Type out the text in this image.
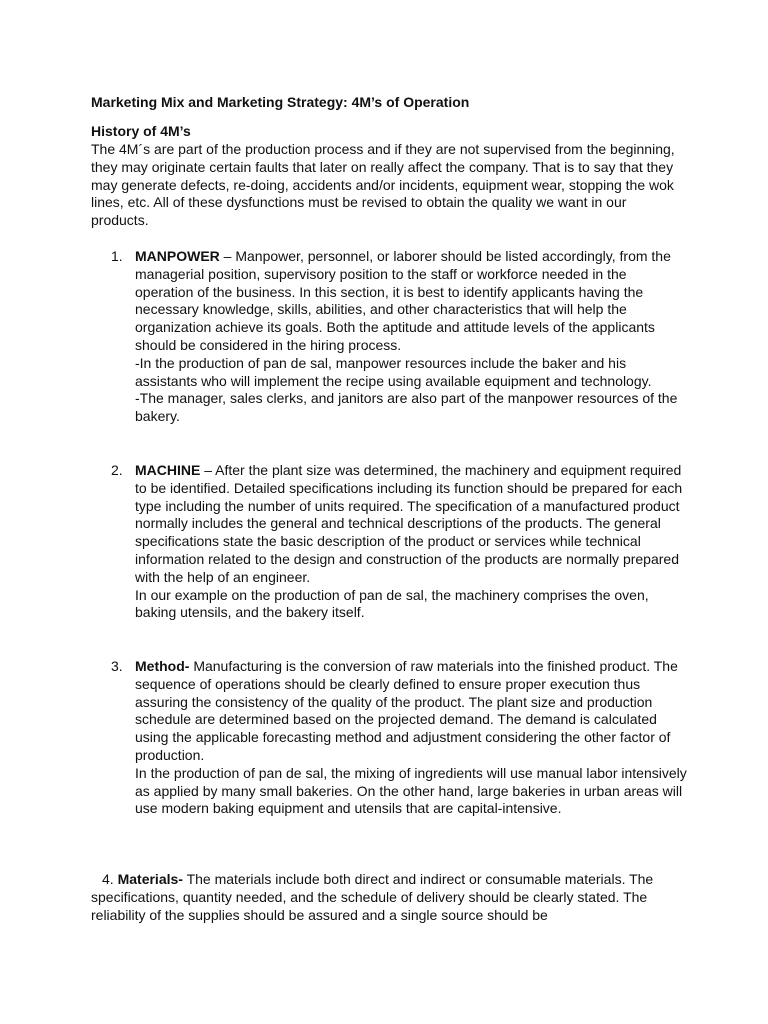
Marketing Mix and Marketing Strategy: 4M’s of Operation

History of 4M’s

The 4M´s are part of the production process and if they are not supervised from the beginning, they may originate certain faults that later on really affect the company. That is to say that they may generate defects, re-doing, accidents and/or incidents, equipment wear, stopping the wok lines, etc. All of these dysfunctions must be revised to obtain the quality we want in our products.

1. MANPOWER – Manpower, personnel, or laborer should be listed accordingly, from the managerial position, supervisory position to the staff or workforce needed in the operation of the business. In this section, it is best to identify applicants having the necessary knowledge, skills, abilities, and other characteristics that will help the organization achieve its goals. Both the aptitude and attitude levels of the applicants should be considered in the hiring process.

-In the production of pan de sal, manpower resources include the baker and his assistants who will implement the recipe using available equipment and technology.

-The manager, sales clerks, and janitors are also part of the manpower resources of the bakery.

2. MACHINE – After the plant size was determined, the machinery and equipment required to be identified. Detailed specifications including its function should be prepared for each type including the number of units required. The specification of a manufactured product normally includes the general and technical descriptions of the products. The general specifications state the basic description of the product or services while technical information related to the design and construction of the products are normally prepared with the help of an engineer.

In our example on the production of pan de sal, the machinery comprises the oven, baking utensils, and the bakery itself.

3. Method- Manufacturing is the conversion of raw materials into the finished product. The sequence of operations should be clearly defined to ensure proper execution thus assuring the consistency of the quality of the product. The plant size and production schedule are determined based on the projected demand. The demand is calculated using the applicable forecasting method and adjustment considering the other factor of production.

In the production of pan de sal, the mixing of ingredients will use manual labor intensively as applied by many small bakeries. On the other hand, large bakeries in urban areas will use modern baking equipment and utensils that are capital-intensive.

4. Materials- The materials include both direct and indirect or consumable materials. The specifications, quantity needed, and the schedule of delivery should be clearly stated. The reliability of the supplies should be assured and a single source should be
